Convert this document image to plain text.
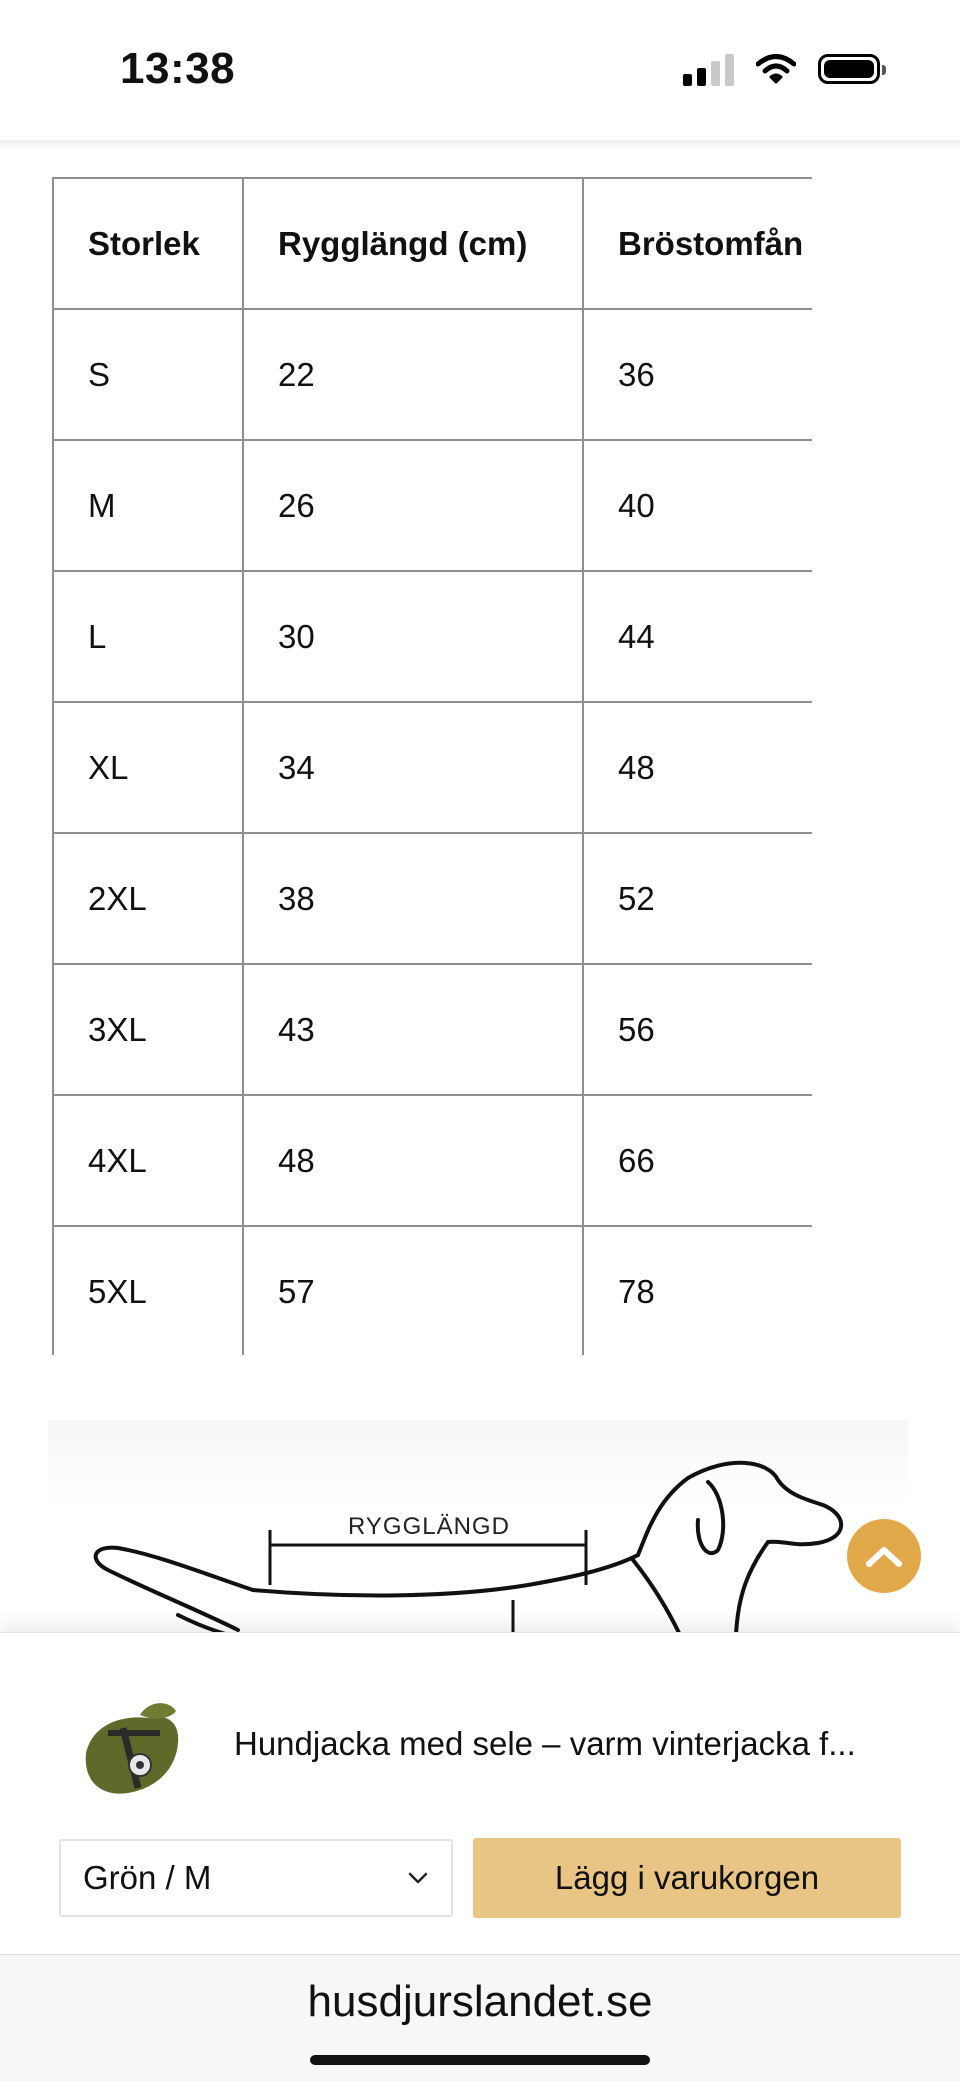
13:38
Storlek	Rygglängd (cm)	Bröstomfån
S	22	36
M	26	40
L	30	44
XL	34	48
2XL	38	52
3XL	43	56
4XL	48	66
5XL	57	78
RYGGLÄNGD
Hundjacka med sele – varm vinterjacka f...
Grön / M	Lägg i varukorgen
husdjurslandet.se
